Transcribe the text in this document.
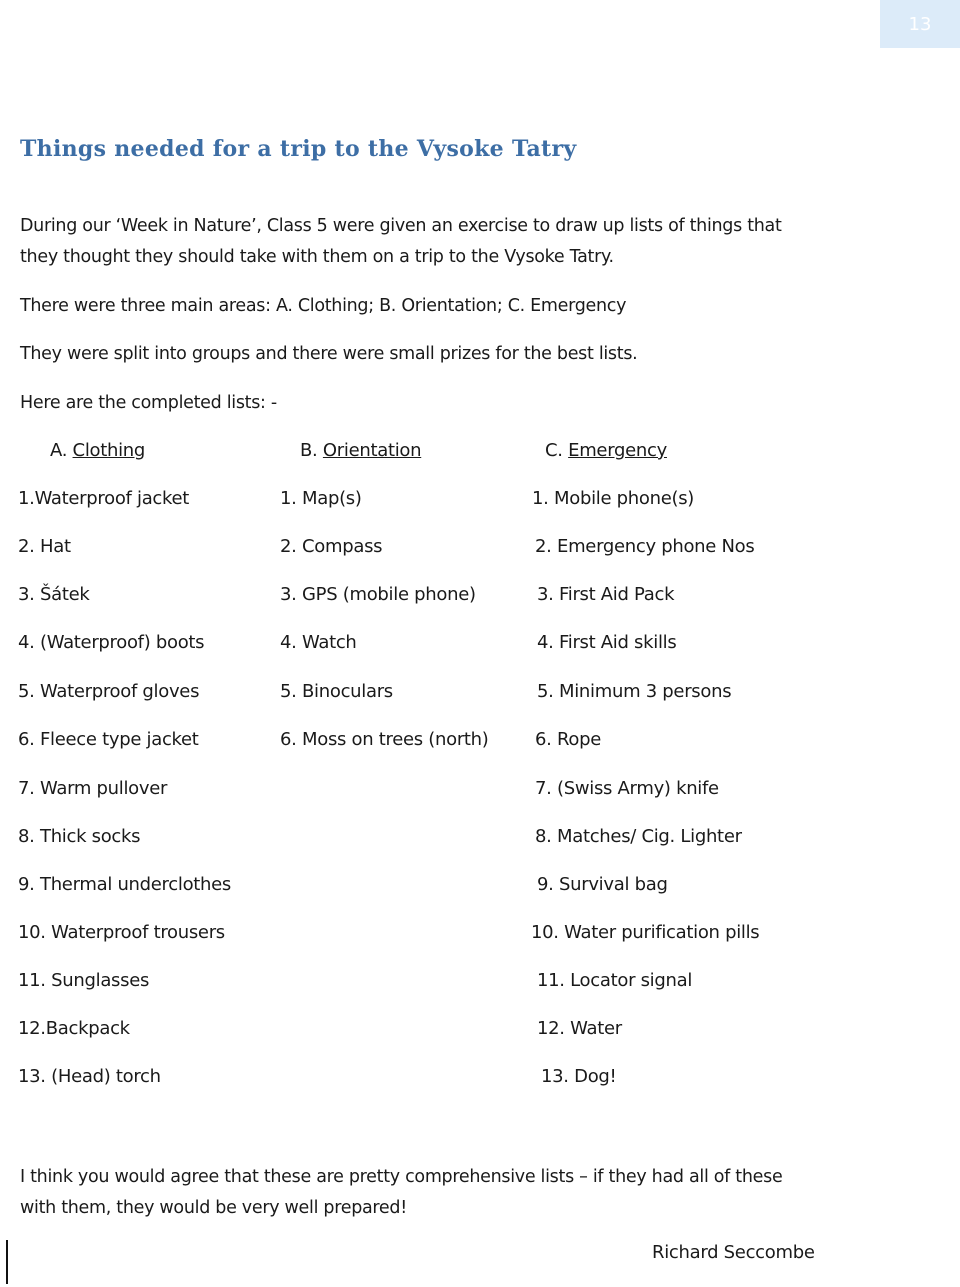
13
Things needed for a trip to the Vysoke Tatry
During our ‘Week in Nature’, Class 5 were given an exercise to draw up lists of things that
they thought they should take with them on a trip to the Vysoke Tatry.
There were three main areas: A. Clothing; B. Orientation; C. Emergency
They were split into groups and there were small prizes for the best lists.
Here are the completed lists: -
A. Clothing	B. Orientation	C. Emergency
1.Waterproof jacket
2. Hat
3. Šátek
4. (Waterproof) boots
5. Waterproof gloves
6. Fleece type jacket
7. Warm pullover
8. Thick socks
9. Thermal underclothes
10. Waterproof trousers
11. Sunglasses
12.Backpack
13. (Head) torch
1. Map(s)
2. Compass
3. GPS (mobile phone)
4. Watch
5. Binoculars
6. Moss on trees (north)
1. Mobile phone(s)
2. Emergency phone Nos
3. First Aid Pack
4. First Aid skills
5. Minimum 3 persons
6. Rope
7. (Swiss Army) knife
8. Matches/ Cig. Lighter
9. Survival bag
10. Water purification pills
11. Locator signal
12. Water
13. Dog!
I think you would agree that these are pretty comprehensive lists – if they had all of these
with them, they would be very well prepared!
Richard Seccombe
